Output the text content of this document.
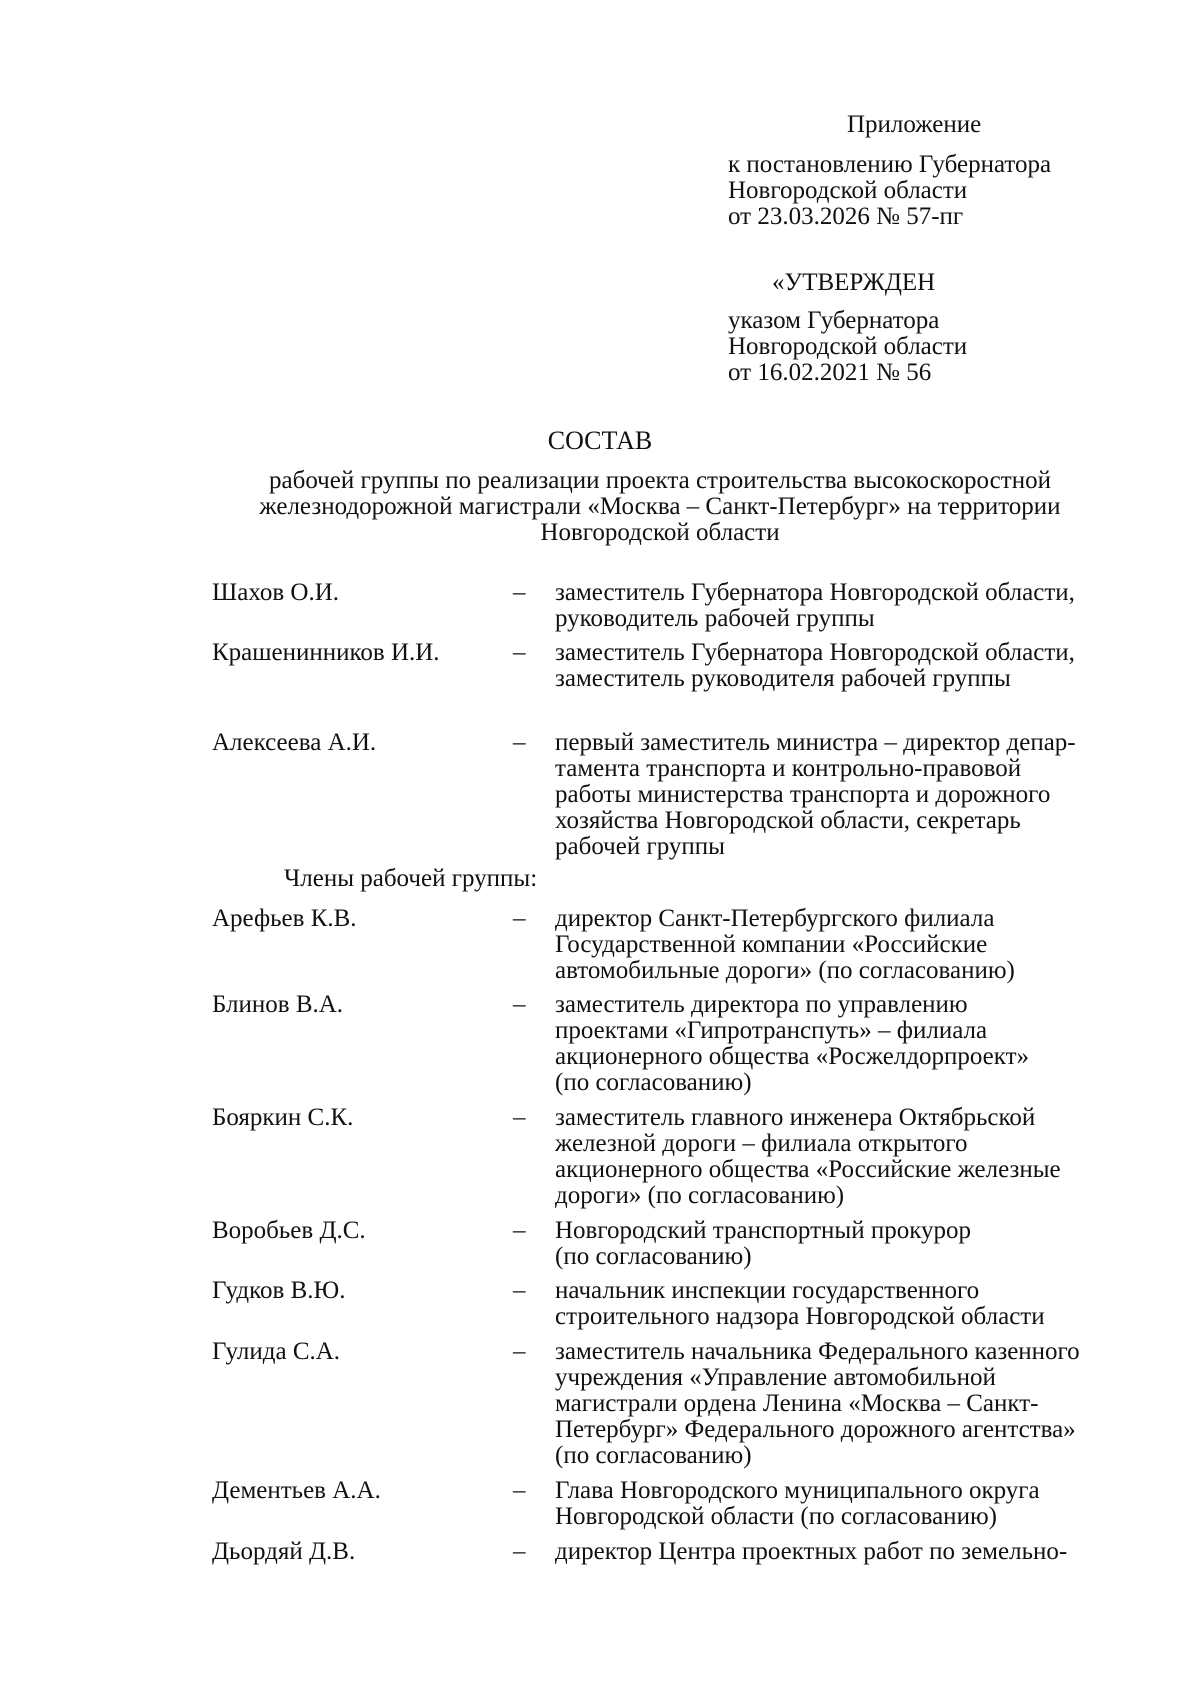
Приложение
к постановлению Губернатора
Новгородской области
от 23.03.2026 № 57-пг
«УТВЕРЖДЕН
указом Губернатора
Новгородской области
от 16.02.2021 № 56
СОСТАВ
рабочей группы по реализации проекта строительства высокоскоростной
железнодорожной магистрали «Москва – Санкт-Петербург» на территории
Новгородской области
Шахов О.И.	– заместитель Губернатора Новгородской области,
руководитель рабочей группы
Крашенинников И.И.	– заместитель Губернатора Новгородской области,
заместитель руководителя рабочей группы
Алексеева А.И.	– первый заместитель министра – директор депар-
тамента транспорта и контрольно-правовой
работы министерства транспорта и дорожного
хозяйства Новгородской области, секретарь
рабочей группы
Члены рабочей группы:
Арефьев К.В.	– директор Санкт-Петербургского филиала
Государственной компании «Российские
автомобильные дороги» (по согласованию)
Блинов В.А.	– заместитель директора по управлению
проектами «Гипротранспуть» – филиала
акционерного общества «Росжелдорпроект»
(по согласованию)
Бояркин С.К.	– заместитель главного инженера Октябрьской
железной дороги – филиала открытого
акционерного общества «Российские железные
дороги» (по согласованию)
Воробьев Д.С.	– Новгородский транспортный прокурор
(по согласованию)
Гудков В.Ю.	– начальник инспекции государственного
строительного надзора Новгородской области
Гулида С.А.	– заместитель начальника Федерального казенного
учреждения «Управление автомобильной
магистрали ордена Ленина «Москва – Санкт-
Петербург» Федерального дорожного агентства»
(по согласованию)
Дементьев А.А.	– Глава Новгородского муниципального округа
Новгородской области (по согласованию)
Дьордяй Д.В.	– директор Центра проектных работ по земельно-
